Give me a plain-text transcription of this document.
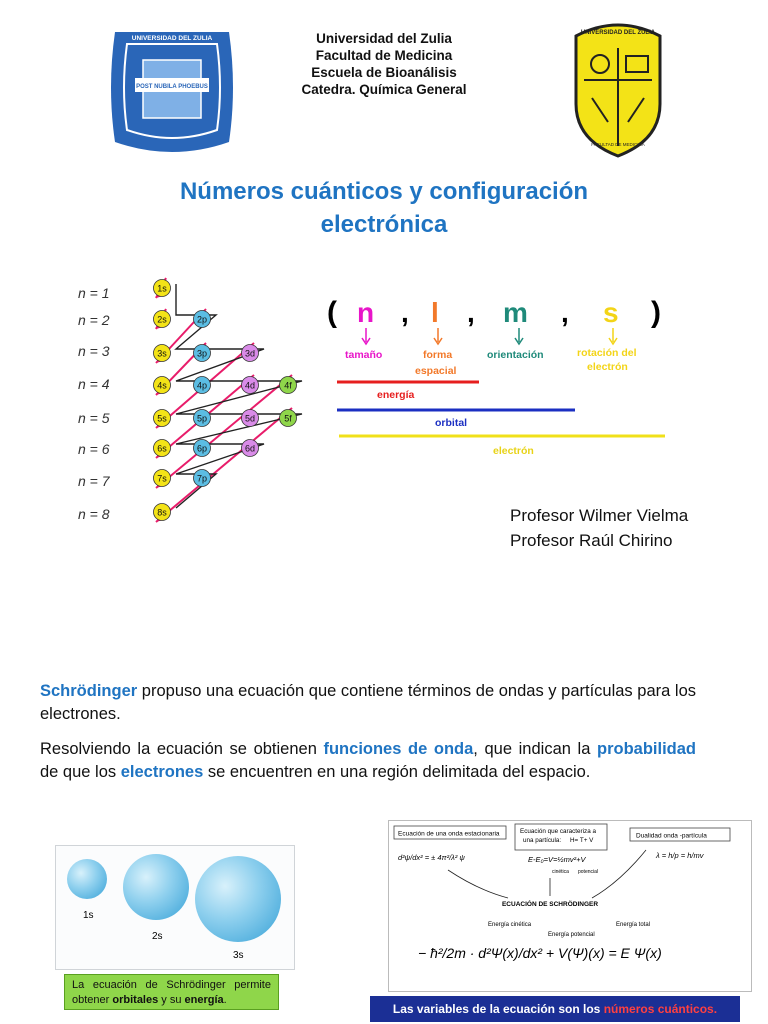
POST NUBILA PHOEBUS
UNIVERSIDAD DEL ZULIA
UNIVERSIDAD DEL ZULIA
FACULTAD DE MEDICINA
Universidad del Zulia
Facultad de Medicina
Escuela de Bioanálisis
Catedra. Química General
Números cuánticos y configuración
electrónica
n = 1
n = 2
n = 3
n = 4
n = 5
n = 6
n = 7
n = 8
1s
2s	2p
3s	3p	3d
4s	4p	4d	4f
5s	5p	5d	5f
6s	6p	6d
7s	7p
8s
( n , l , m , s )
tamaño	forma
espacial
orientación	rotación del
electrón
energía
orbital
electrón
Profesor Wilmer Vielma
Profesor Raúl Chirino
Schrödinger propuso una ecuación que contiene términos de ondas y partículas para los electrones.
Resolviendo la ecuación se obtienen funciones de onda, que indican la probabilidad de que los electrones se encuentren en una región delimitada del espacio.
1s
2s
3s
La ecuación de Schrödinger permite obtener orbitales y su energía.
Ecuación de una onda estacionaria	Ecuación que caracteriza a
una partícula: H= T+ V
Dualidad onda -partícula
d²ψ/dx² = ± 4π²/λ² ψ	E-E₀=V=½mv²+V
cinética potencial
λ = h/p = h/mv
ECUACIÓN DE SCHRÖDINGER
Energía cinética	Energía total
Energía potencial
− ħ²/2m · d²Ψ(x)/dx² + V(Ψ)(x) = E Ψ(x)
Las variables de la ecuación son los números cuánticos.
